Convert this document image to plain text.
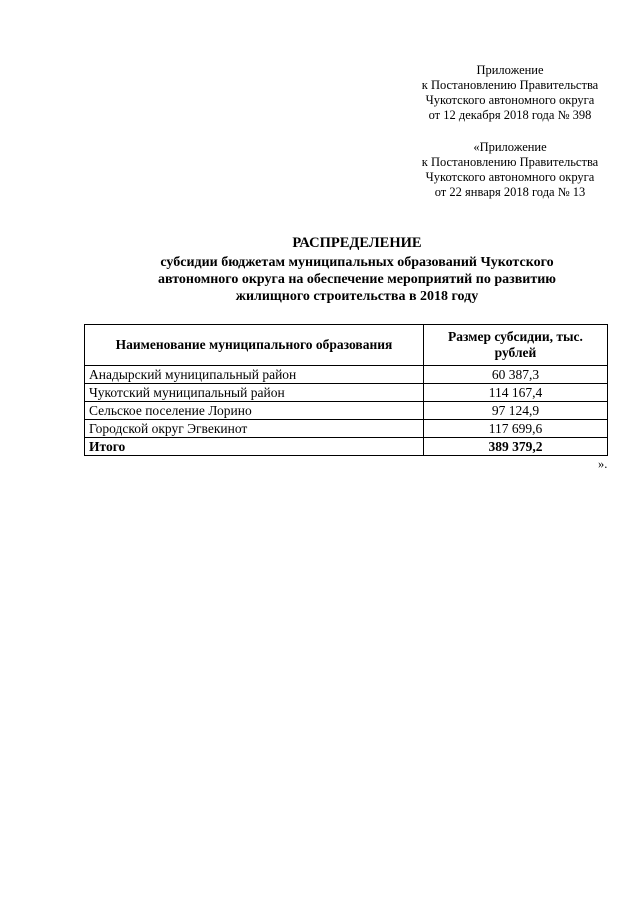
Приложение
к Постановлению Правительства
Чукотского автономного округа
от 12 декабря 2018 года № 398
«Приложение
к Постановлению Правительства
Чукотского автономного округа
от 22 января 2018 года № 13
РАСПРЕДЕЛЕНИЕ
субсидии бюджетам муниципальных образований Чукотского
автономного округа на обеспечение мероприятий по развитию
жилищного строительства в 2018 году
Наименование муниципального образования	Размер субсидии, тыс. рублей
Анадырский муниципальный район	60 387,3
Чукотский муниципальный район	114 167,4
Сельское поселение Лорино	97 124,9
Городской округ Эгвекинот	117 699,6
Итого	389 379,2
».
